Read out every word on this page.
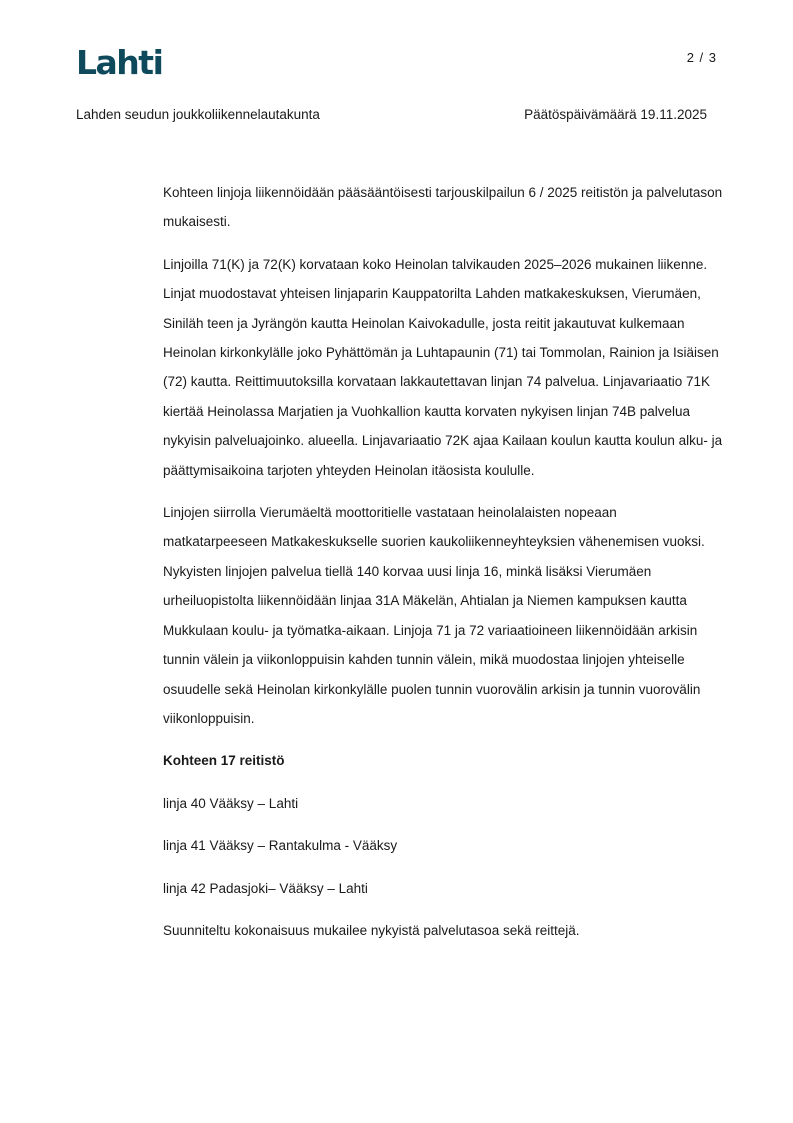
Lahti	2 / 3
Lahden seudun joukkoliikennelautakunta	Päätöspäivämäärä 19.11.2025

Kohteen linjoja liikennöidään pääsääntöisesti tarjouskilpailun 6 / 2025 reitistön ja palvelutason mukaisesti.

Linjoilla 71(K) ja 72(K) korvataan koko Heinolan talvikauden 2025–2026 mukainen liikenne. Linjat muodostavat yhteisen linjaparin Kauppatorilta Lahden matkakeskuksen, Vierumäen, Siniläh teen ja Jyrängön kautta Heinolan Kaivokadulle, josta reitit jakautuvat kulkemaan Heinolan kirkonkylälle joko Pyhättömän ja Luhtapaunin (71) tai Tommolan, Rainion ja Isiäisen (72) kautta. Reittimuutoksilla korvataan lakkautettavan linjan 74 palvelua. Linjavariaatio 71K kiertää Heinolassa Marjatien ja Vuohkallion kautta korvaten nykyisen linjan 74B palvelua nykyisin palveluajoinko. alueella. Linjavariaatio 72K ajaa Kailaan koulun kautta koulun alku- ja päättymisaikoina tarjoten yhteyden Heinolan itäosista koululle.

Linjojen siirrolla Vierumäeltä moottoritielle vastataan heinolalaisten nopeaan matkatarpeeseen Matkakeskukselle suorien kaukoliikenneyhteyksien vähenemisen vuoksi. Nykyisten linjojen palvelua tiellä 140 korvaa uusi linja 16, minkä lisäksi Vierumäen urheiluopistolta liikennöidään linjaa 31A Mäkelän, Ahtialan ja Niemen kampuksen kautta Mukkulaan koulu- ja työmatka-aikaan. Linjoja 71 ja 72 variaatioineen liikennöidään arkisin tunnin välein ja viikonloppuisin kahden tunnin välein, mikä muodostaa linjojen yhteiselle osuudelle sekä Heinolan kirkonkylälle puolen tunnin vuorovälin arkisin ja tunnin vuorovälin viikonloppuisin.

Kohteen 17 reitistö

linja 40 Vääksy – Lahti

linja 41 Vääksy – Rantakulma - Vääksy

linja 42 Padasjoki– Vääksy – Lahti

Suunniteltu kokonaisuus mukailee nykyistä palvelutasoa sekä reittejä.
